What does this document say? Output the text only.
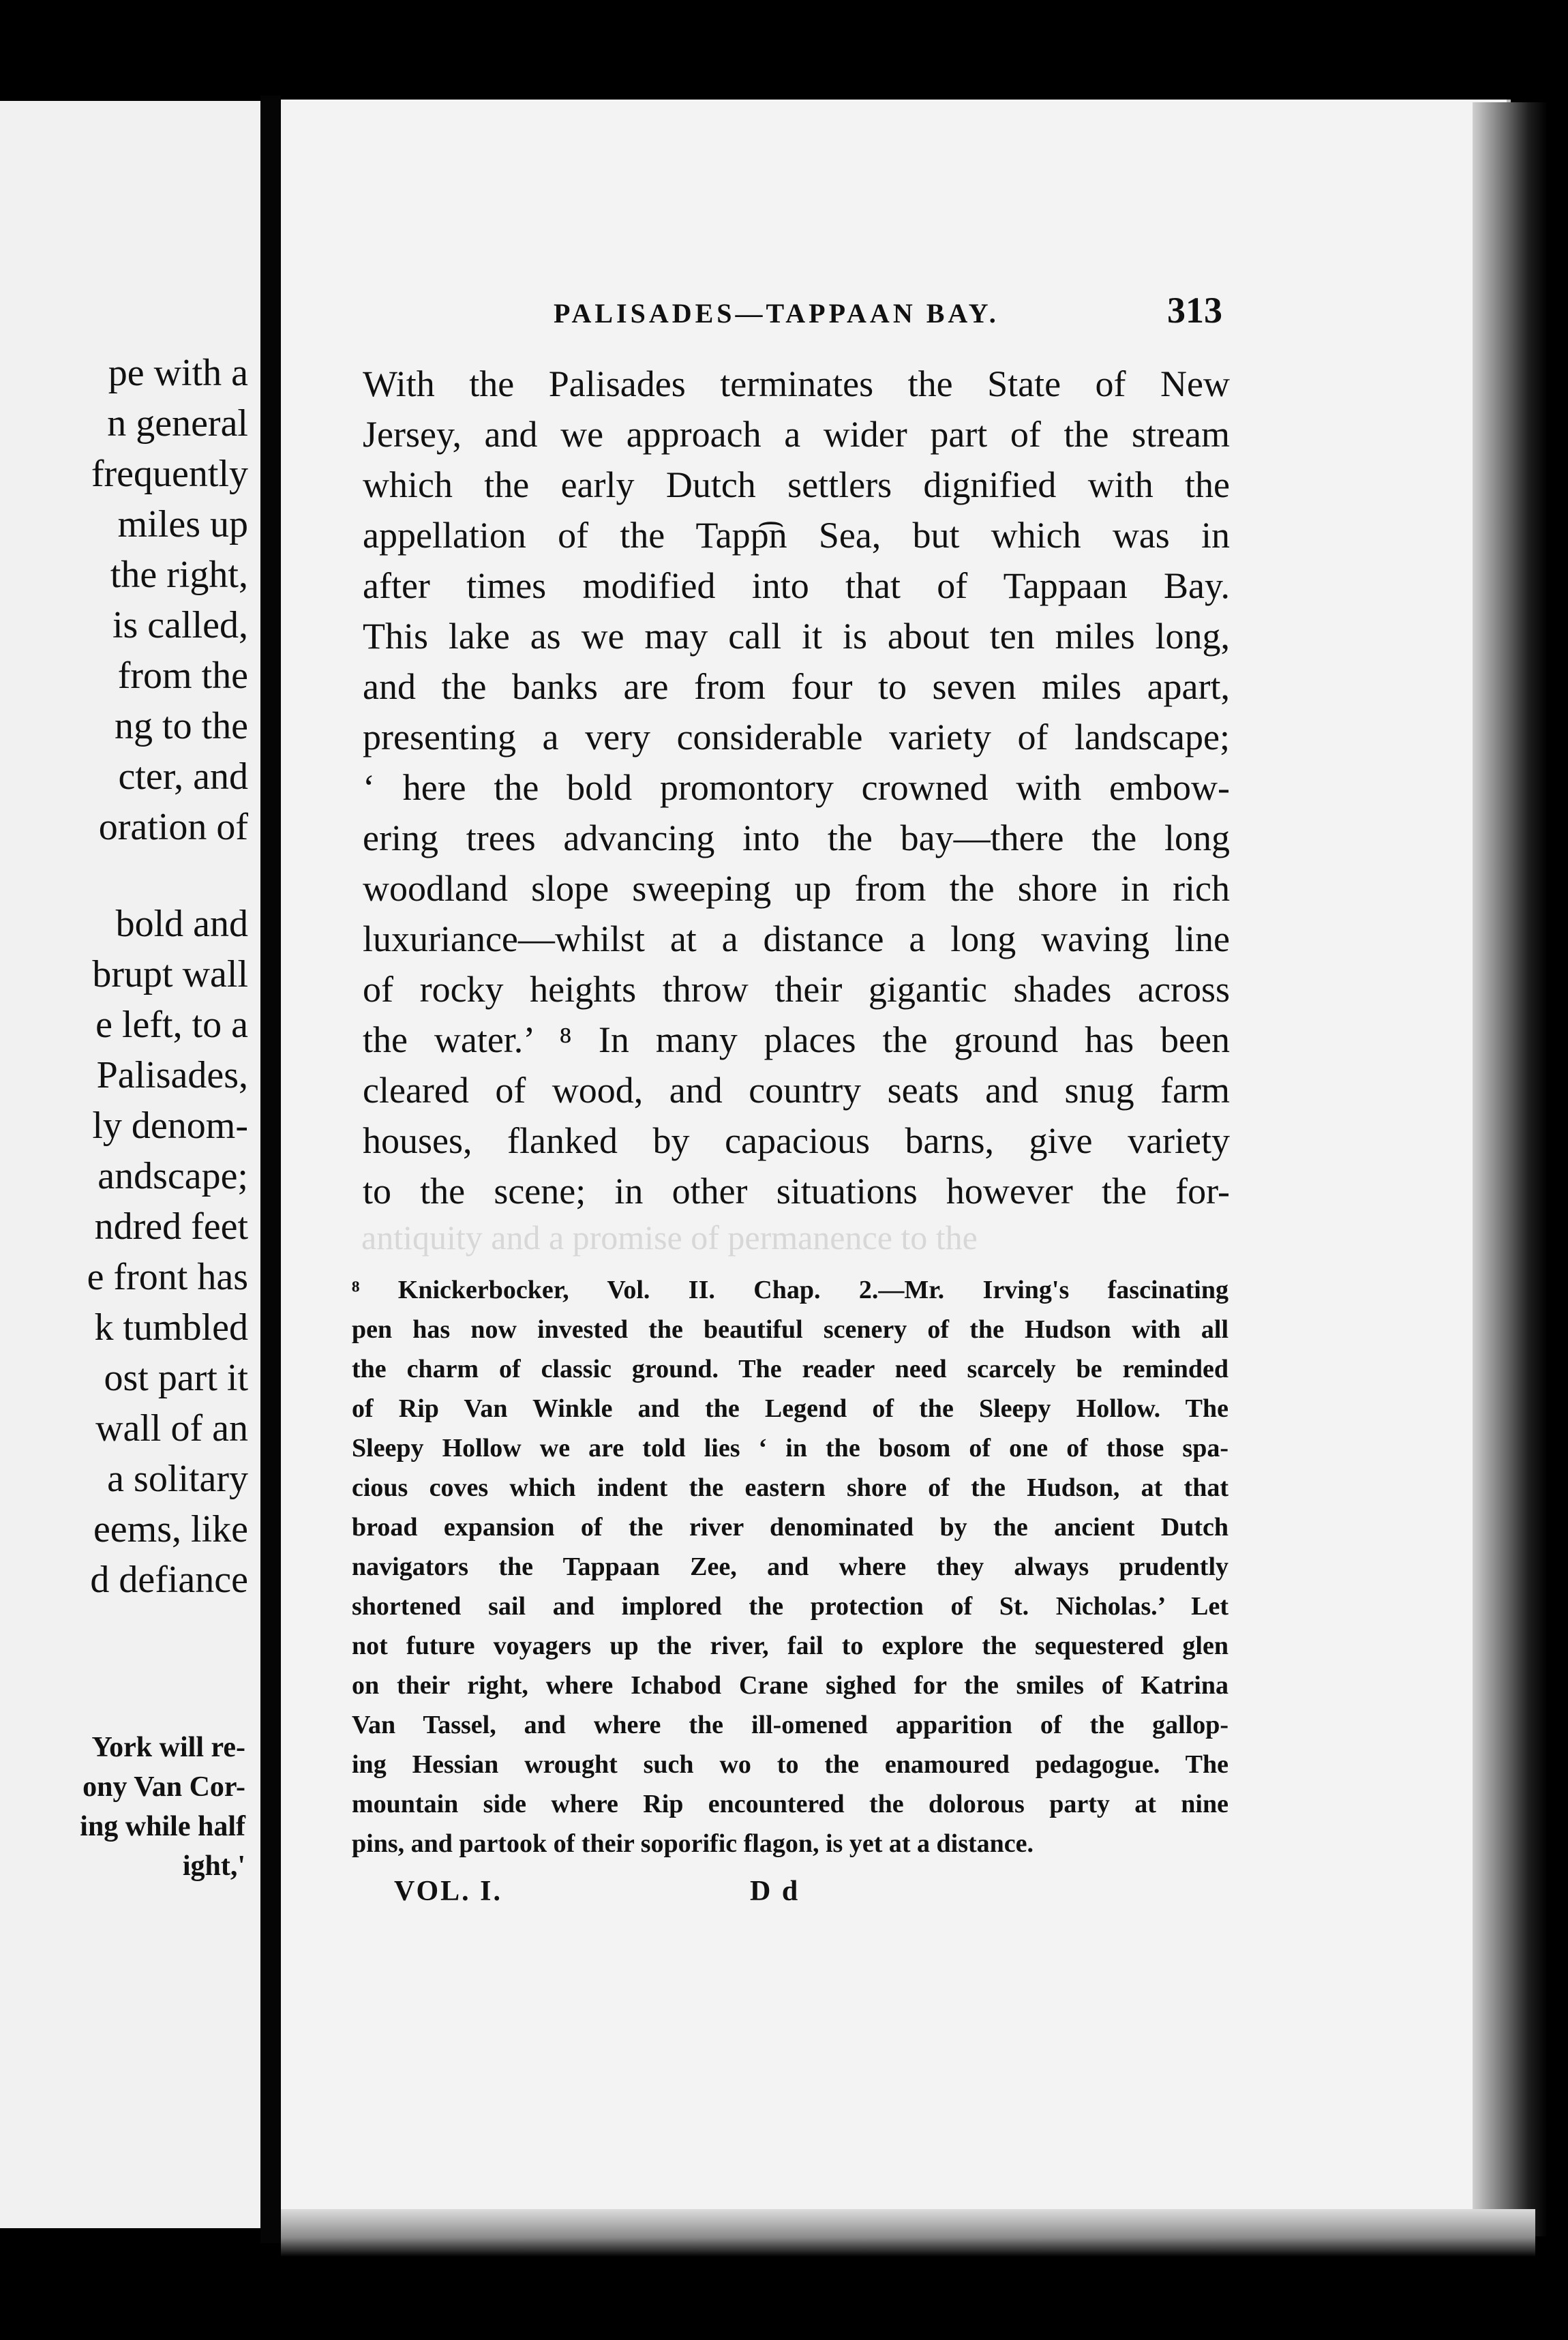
pe with a

n general

frequently

miles up

the right,

is called,

from the

ng to the

cter, and

oration of

bold and

brupt wall

e left, to a

Palisades,

ly denom-

andscape;

ndred feet

e front has

k tumbled

ost part it

wall of an

a solitary

eems, like

d defiance

York will re-

ony Van Cor-

ing while half

ight,'

PALISADES—TAPPAAN BAY.	313

With the Palisades terminates the State of New

Jersey, and we approach a wider part of the stream

which the early Dutch settlers dignified with the

appellation of the Tapp͡n Sea, but which was in

after times modified into that of Tappaan Bay.

This lake as we may call it is about ten miles long,

and the banks are from four to seven miles apart,

presenting a very considerable variety of landscape;

‘ here the bold promontory crowned with embow-

ering trees advancing into the bay—there the long

woodland slope sweeping up from the shore in rich

luxuriance—whilst at a distance a long waving line

of rocky heights throw their gigantic shades across

the water.’ ⁸ In many places the ground has been

cleared of wood, and country seats and snug farm

houses, flanked by capacious barns, give variety

to the scene; in other situations however the for-

antiquity and a promise of permanence to the

⁸ Knickerbocker, Vol. II. Chap. 2.—Mr. Irving's fascinating

pen has now invested the beautiful scenery of the Hudson with all

the charm of classic ground. The reader need scarcely be reminded

of Rip Van Winkle and the Legend of the Sleepy Hollow. The

Sleepy Hollow we are told lies ‘ in the bosom of one of those spa-

cious coves which indent the eastern shore of the Hudson, at that

broad expansion of the river denominated by the ancient Dutch

navigators the Tappaan Zee, and where they always prudently

shortened sail and implored the protection of St. Nicholas.’ Let

not future voyagers up the river, fail to explore the sequestered glen

on their right, where Ichabod Crane sighed for the smiles of Katrina

Van Tassel, and where the ill-omened apparition of the gallop-

ing Hessian wrought such wo to the enamoured pedagogue. The

mountain side where Rip encountered the dolorous party at nine

pins, and partook of their soporific flagon, is yet at a distance.

VOL. I.	D d
